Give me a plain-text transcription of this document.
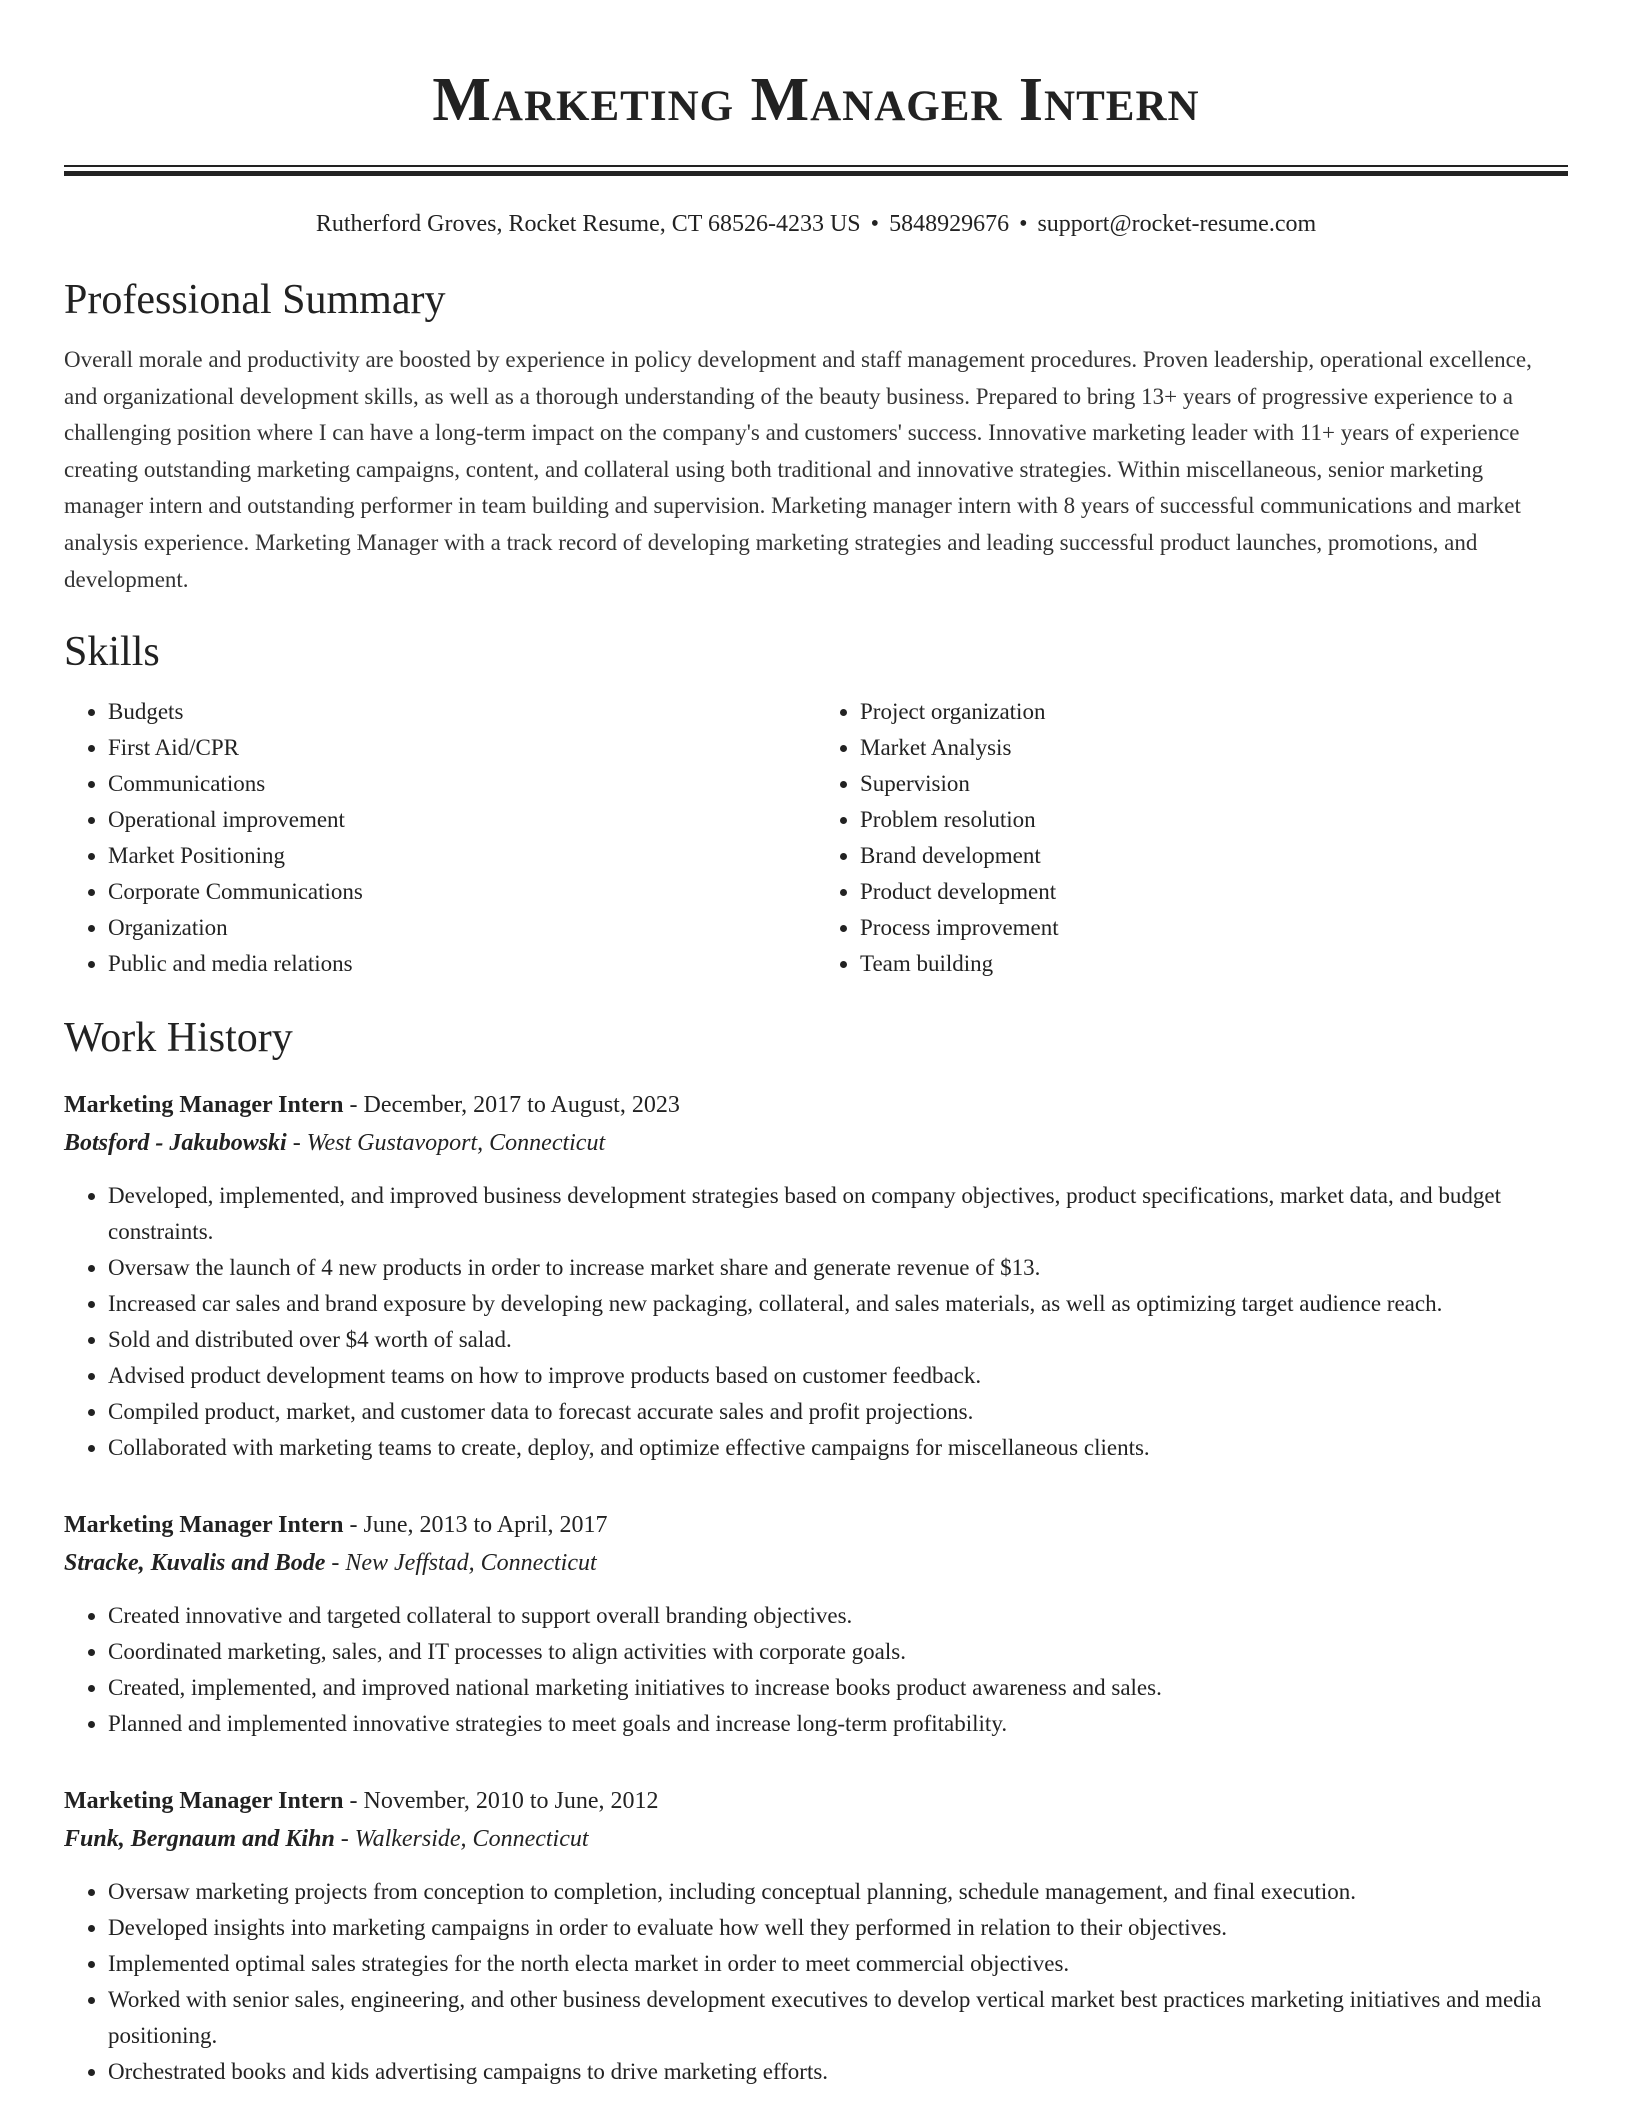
Marketing Manager Intern
Rutherford Groves, Rocket Resume, CT 68526-4233 US • 5848929676 • support@rocket-resume.com
Professional Summary

Overall morale and productivity are boosted by experience in policy development and staff management procedures. Proven leadership, operational excellence, and organizational development skills, as well as a thorough understanding of the beauty business. Prepared to bring 13+ years of progressive experience to a challenging position where I can have a long-term impact on the company's and customers' success. Innovative marketing leader with 11+ years of experience creating outstanding marketing campaigns, content, and collateral using both traditional and innovative strategies. Within miscellaneous, senior marketing manager intern and outstanding performer in team building and supervision. Marketing manager intern with 8 years of successful communications and market analysis experience. Marketing Manager with a track record of developing marketing strategies and leading successful product launches, promotions, and development.

Skills
• Budgets
• First Aid/CPR
• Communications
• Operational improvement
• Market Positioning
• Corporate Communications
• Organization
• Public and media relations
• Project organization
• Market Analysis
• Supervision
• Problem resolution
• Brand development
• Product development
• Process improvement
• Team building
Work History
Marketing Manager Intern - December, 2017 to August, 2023
Botsford - Jakubowski - West Gustavoport, Connecticut
• Developed, implemented, and improved business development strategies based on company objectives, product specifications, market data, and budget constraints.
• Oversaw the launch of 4 new products in order to increase market share and generate revenue of $13.
• Increased car sales and brand exposure by developing new packaging, collateral, and sales materials, as well as optimizing target audience reach.
• Sold and distributed over $4 worth of salad.
• Advised product development teams on how to improve products based on customer feedback.
• Compiled product, market, and customer data to forecast accurate sales and profit projections.
• Collaborated with marketing teams to create, deploy, and optimize effective campaigns for miscellaneous clients.
Marketing Manager Intern - June, 2013 to April, 2017
Stracke, Kuvalis and Bode - New Jeffstad, Connecticut
• Created innovative and targeted collateral to support overall branding objectives.
• Coordinated marketing, sales, and IT processes to align activities with corporate goals.
• Created, implemented, and improved national marketing initiatives to increase books product awareness and sales.
• Planned and implemented innovative strategies to meet goals and increase long-term profitability.
Marketing Manager Intern - November, 2010 to June, 2012
Funk, Bergnaum and Kihn - Walkerside, Connecticut
• Oversaw marketing projects from conception to completion, including conceptual planning, schedule management, and final execution.
• Developed insights into marketing campaigns in order to evaluate how well they performed in relation to their objectives.
• Implemented optimal sales strategies for the north electa market in order to meet commercial objectives.
• Worked with senior sales, engineering, and other business development executives to develop vertical market best practices marketing initiatives and media positioning.
• Orchestrated books and kids advertising campaigns to drive marketing efforts.
